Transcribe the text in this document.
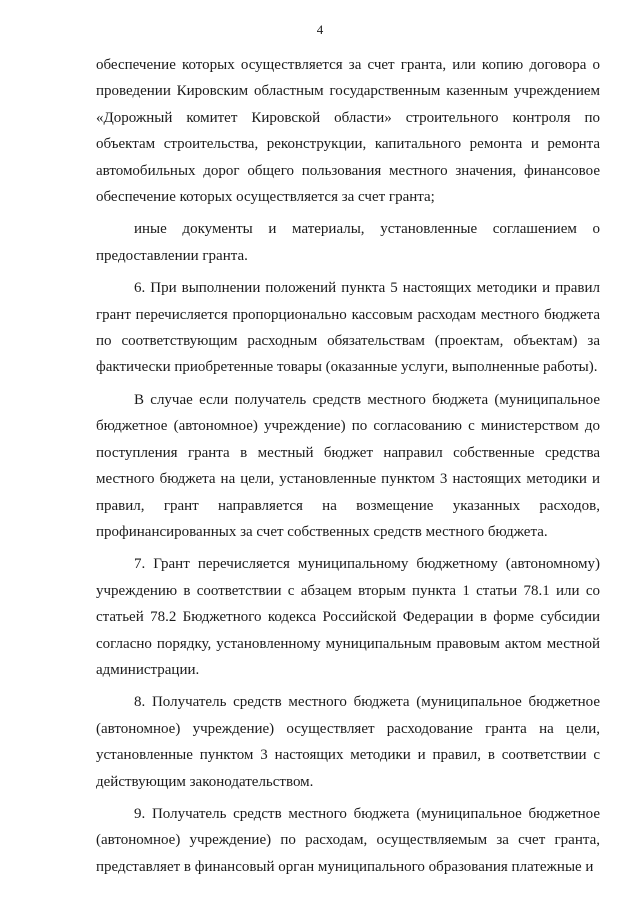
4

обеспечение которых осуществляется за счет гранта, или копию договора о проведении Кировским областным государственным казенным учреждением «Дорожный комитет Кировской области» строительного контроля по объектам строительства, реконструкции, капитального ремонта и ремонта автомобильных дорог общего пользования местного значения, финансовое обеспечение которых осуществляется за счет гранта;

иные документы и материалы, установленные соглашением о предоставлении гранта.

6. При выполнении положений пункта 5 настоящих методики и правил грант перечисляется пропорционально кассовым расходам местного бюджета по соответствующим расходным обязательствам (проектам, объектам) за фактически приобретенные товары (оказанные услуги, выполненные работы).

В случае если получатель средств местного бюджета (муниципальное бюджетное (автономное) учреждение) по согласованию с министерством до поступления гранта в местный бюджет направил собственные средства местного бюджета на цели, установленные пунктом 3 настоящих методики и правил, грант направляется на возмещение указанных расходов, профинансированных за счет собственных средств местного бюджета.

7. Грант перечисляется муниципальному бюджетному (автономному) учреждению в соответствии с абзацем вторым пункта 1 статьи 78.1 или со статьей 78.2 Бюджетного кодекса Российской Федерации в форме субсидии согласно порядку, установленному муниципальным правовым актом местной администрации.

8. Получатель средств местного бюджета (муниципальное бюджетное (автономное) учреждение) осуществляет расходование гранта на цели, установленные пунктом 3 настоящих методики и правил, в соответствии с действующим законодательством.

9. Получатель средств местного бюджета (муниципальное бюджетное (автономное) учреждение) по расходам, осуществляемым за счет гранта, представляет в финансовый орган муниципального образования платежные и
